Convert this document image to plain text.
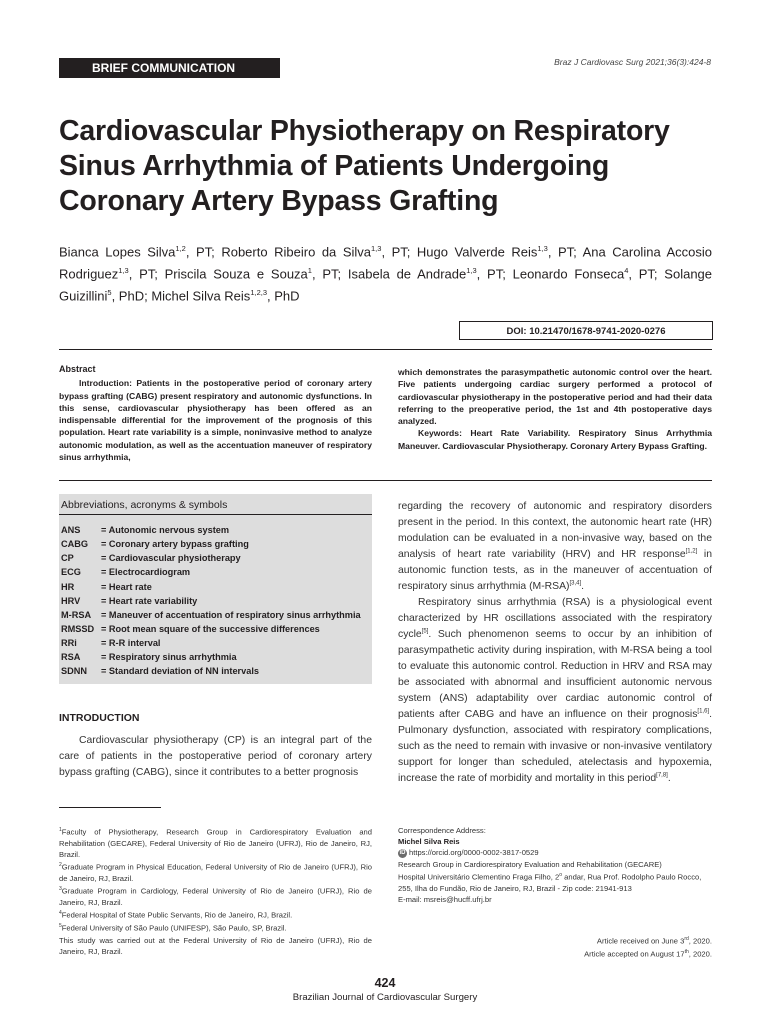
BRIEF COMMUNICATION	Braz J Cardiovasc Surg 2021;36(3):424-8
Cardiovascular Physiotherapy on Respiratory Sinus Arrhythmia of Patients Undergoing Coronary Artery Bypass Grafting
Bianca Lopes Silva$^{1,2}$, PT; Roberto Ribeiro da Silva$^{1,3}$, PT; Hugo Valverde Reis$^{1,3}$, PT; Ana Carolina Accosio Rodriguez$^{1,3}$, PT; Priscila Souza e Souza$^1$, PT; Isabela de Andrade$^{1,3}$, PT; Leonardo Fonseca$^4$, PT; Solange Guizillini$^5$, PhD; Michel Silva Reis$^{1,2,3}$, PhD
DOI: 10.21470/1678-9741-2020-0276
Abstract
Introduction: Patients in the postoperative period of coronary artery bypass grafting (CABG) present respiratory and autonomic dysfunctions. In this sense, cardiovascular physiotherapy has been offered as an indispensable differential for the improvement of the prognosis of this population. Heart rate variability is a simple, noninvasive method to analyze autonomic modulation, as well as the accentuation maneuver of respiratory sinus arrhythmia,
which demonstrates the parasympathetic autonomic control over the heart. Five patients undergoing cardiac surgery performed a protocol of cardiovascular physiotherapy in the postoperative period and had their data referring to the preoperative period, the 1st and 4th postoperative days analyzed.
Keywords: Heart Rate Variability. Respiratory Sinus Arrhythmia Maneuver. Cardiovascular Physiotherapy. Coronary Artery Bypass Grafting.
Abbreviations, acronyms & symbols
ANS = Autonomic nervous system
CABG = Coronary artery bypass grafting
CP	= Cardiovascular physiotherapy
ECG = Electrocardiogram
HR	= Heart rate
HRV = Heart rate variability
M-RSA = Maneuver of accentuation of respiratory sinus arrhythmia
RMSSD = Root mean square of the successive differences
RRi	= R-R interval
RSA = Respiratory sinus arrhythmia
SDNN = Standard deviation of NN intervals
INTRODUCTION

Cardiovascular physiotherapy (CP) is an integral part of the care of patients in the postoperative period of coronary artery bypass grafting (CABG), since it contributes to a better prognosis

regarding the recovery of autonomic and respiratory disorders present in the period. In this context, the autonomic heart rate (HR) modulation can be evaluated in a non-invasive way, based on the analysis of heart rate variability (HRV) and HR response[1,2] in autonomic function tests, as in the maneuver of accentuation of respiratory sinus arrhythmia (M-RSA)[3,4].

Respiratory sinus arrhythmia (RSA) is a physiological event characterized by HR oscillations associated with the respiratory cycle[5]. Such phenomenon seems to occur by an inhibition of parasympathetic activity during inspiration, with M-RSA being a tool to evaluate this autonomic control. Reduction in HRV and RSA may be associated with abnormal and insufficient autonomic nervous system (ANS) adaptability over cardiac autonomic control of patients after CABG and have an influence on their prognosis[1,6]. Pulmonary dysfunction, associated with respiratory complications, such as the need to remain with invasive or non-invasive ventilatory support for longer than scheduled, atelectasis and hypoxemia, increase the rate of morbidity and mortality in this period[7,8].

$^1$Faculty of Physiotherapy, Research Group in Cardiorespiratory Evaluation and Rehabilitation (GECARE), Federal University of Rio de Janeiro (UFRJ), Rio de Janeiro, RJ, Brazil.
$^2$Graduate Program in Physical Education, Federal University of Rio de Janeiro (UFRJ), Rio de Janeiro, RJ, Brazil.
$^3$Graduate Program in Cardiology, Federal University of Rio de Janeiro (UFRJ), Rio de Janeiro, RJ, Brazil.
$^4$Federal Hospital of State Public Servants, Rio de Janeiro, RJ, Brazil.
$^5$Federal University of São Paulo (UNIFESP), São Paulo, SP, Brazil.
This study was carried out at the Federal University of Rio de Janeiro (UFRJ), Rio de Janeiro, RJ, Brazil.
Correspondence Address:
Michel Silva Reis
iD https://orcid.org/0000-0002-3817-0529
Research Group in Cardiorespiratory Evaluation and Rehabilitation (GECARE)
Hospital Universitário Clementino Fraga Filho, 2$^o$ andar, Rua Prof. Rodolpho Paulo Rocco, 255, Ilha do Fundão, Rio de Janeiro, RJ, Brazil - Zip code: 21941-913
E-mail: msreis@hucff.ufrj.br
Article received on June 3rd, 2020.
Article accepted on August 17th, 2020.
424
Brazilian Journal of Cardiovascular Surgery
